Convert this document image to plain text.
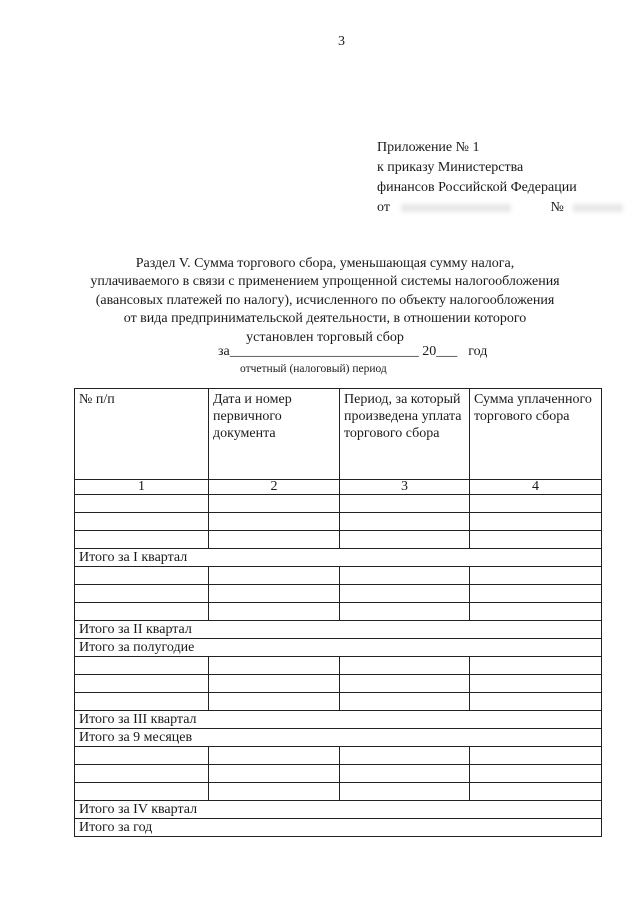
3
Приложение № 1
к приказу Министерства
финансов Российской Федерации
от	№
Раздел V. Сумма торгового сбора, уменьшающая сумму налога,
уплачиваемого в связи с применением упрощенной системы налогообложения
(авансовых платежей по налогу), исчисленного по объекту налогообложения
от вида предпринимательской деятельности, в отношении которого
установлен торговый сбор
за___________________________ 20___ год
отчетный (налоговый) период
№ п/п	Дата и номер первичного документа	Период, за который произведена уплата торгового сбора	Сумма уплаченного торгового сбора
1	2	3	4

Итого за I квартал			

Итого за II квартал			
Итого за полугодие			

Итого за III квартал			
Итого за 9 месяцев			

Итого за IV квартал			
Итого за год			
